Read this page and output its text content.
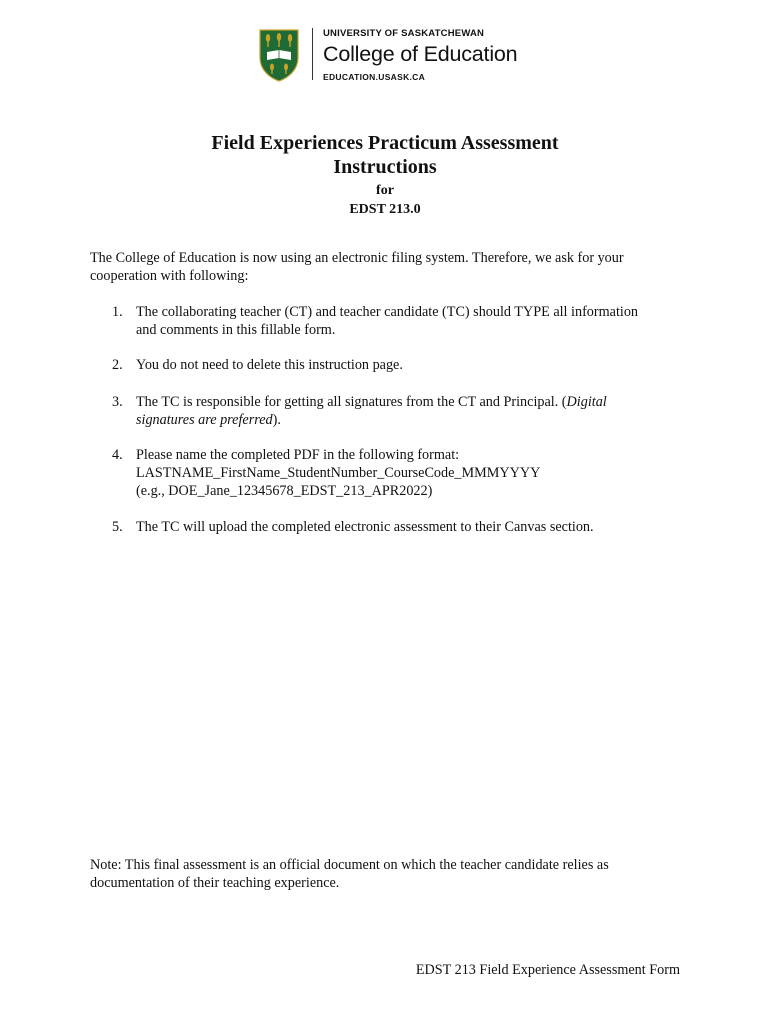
UNIVERSITY OF SASKATCHEWAN
College of Education
EDUCATION.USASK.CA
Field Experiences Practicum Assessment
Instructions
for
EDST 213.0
The College of Education is now using an electronic filing system. Therefore, we ask for your cooperation with following:
1. The collaborating teacher (CT) and teacher candidate (TC) should TYPE all information
and comments in this fillable form.
2. You do not need to delete this instruction page.
3. The TC is responsible for getting all signatures from the CT and Principal. (Digital
signatures are preferred).
4. Please name the completed PDF in the following format:
LASTNAME_FirstName_StudentNumber_CourseCode_MMMYYYY
(e.g., DOE_Jane_12345678_EDST_213_APR2022)
5. The TC will upload the completed electronic assessment to their Canvas section.
Note: This final assessment is an official document on which the teacher candidate relies as documentation of their teaching experience.
EDST 213 Field Experience Assessment Form
